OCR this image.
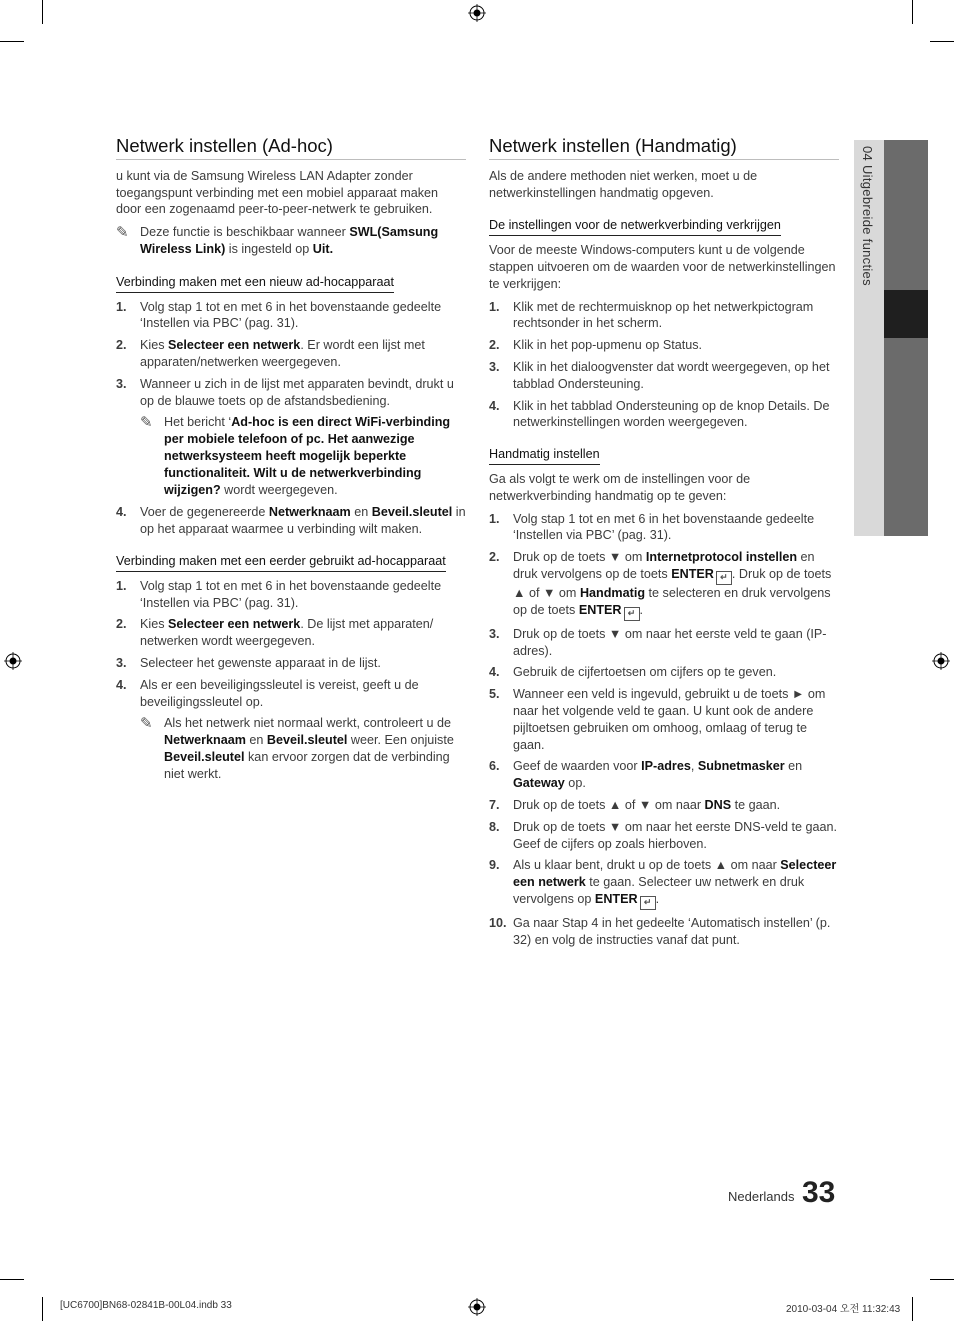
04 Uitgebreide functies
Netwerk instellen (Ad-hoc)

u kunt via de Samsung Wireless LAN Adapter zonder toegangspunt verbinding met een mobiel apparaat maken door een zogenaamd peer-to-peer-netwerk te gebruiken.

✎ Deze functie is beschikbaar wanneer SWL(Samsung Wireless Link) is ingesteld op Uit.
Verbinding maken met een nieuw ad-hocapparaat
1. Volg stap 1 tot en met 6 in het bovenstaande gedeelte ‘Instellen via PBC’ (pag. 31).
2. Kies Selecteer een netwerk. Er wordt een lijst met apparaten/netwerken weergegeven.
3. Wanneer u zich in de lijst met apparaten bevindt, drukt u op de blauwe toets op de afstandsbediening.
✎ Het bericht ‘Ad-hoc is een direct WiFi-verbinding per mobiele telefoon of pc. Het aanwezige netwerksysteem heeft mogelijk beperkte functionaliteit. Wilt u de netwerkverbinding wijzigen? wordt weergegeven.
4. Voer de gegenereerde Netwerknaam en Beveil.sleutel in op het apparaat waarmee u verbinding wilt maken.
Verbinding maken met een eerder gebruikt ad-hocapparaat
1. Volg stap 1 tot en met 6 in het bovenstaande gedeelte ‘Instellen via PBC’ (pag. 31).
2. Kies Selecteer een netwerk. De lijst met apparaten/ netwerken wordt weergegeven.
3. Selecteer het gewenste apparaat in de lijst.
4. Als er een beveiligingssleutel is vereist, geeft u de beveiligingssleutel op.
✎ Als het netwerk niet normaal werkt, controleert u de Netwerknaam en Beveil.sleutel weer. Een onjuiste Beveil.sleutel kan ervoor zorgen dat de verbinding niet werkt.
Netwerk instellen (Handmatig)

Als de andere methoden niet werken, moet u de netwerkinstellingen handmatig opgeven.

De instellingen voor de netwerkverbinding verkrijgen

Voor de meeste Windows-computers kunt u de volgende stappen uitvoeren om de waarden voor de netwerkinstellingen te verkrijgen:

1. Klik met de rechtermuisknop op het netwerkpictogram rechtsonder in het scherm.
2. Klik in het pop-upmenu op Status.
3. Klik in het dialoogvenster dat wordt weergegeven, op het tabblad Ondersteuning.
4. Klik in het tabblad Ondersteuning op de knop Details. De netwerkinstellingen worden weergegeven.
Handmatig instellen

Ga als volgt te werk om de instellingen voor de netwerkverbinding handmatig op te geven:

1. Volg stap 1 tot en met 6 in het bovenstaande gedeelte ‘Instellen via PBC’ (pag. 31).
2. Druk op de toets ▼ om Internetprotocol instellen en druk vervolgens op de toets ENTER ↵ . Druk op de toets ▲ of ▼ om Handmatig te selecteren en druk vervolgens op de toets ENTER ↵ .
3. Druk op de toets ▼ om naar het eerste veld te gaan (IP-adres).
4. Gebruik de cijfertoetsen om cijfers op te geven.
5. Wanneer een veld is ingevuld, gebruikt u de toets ► om naar het volgende veld te gaan. U kunt ook de andere pijltoetsen gebruiken om omhoog, omlaag of terug te gaan.
6. Geef de waarden voor IP-adres, Subnetmasker en Gateway op.
7. Druk op de toets ▲ of ▼ om naar DNS te gaan.
8. Druk op de toets ▼ om naar het eerste DNS-veld te gaan. Geef de cijfers op zoals hierboven.
9. Als u klaar bent, drukt u op de toets ▲ om naar Selecteer een netwerk te gaan. Selecteer uw netwerk en druk vervolgens op ENTER ↵ .
10. Ga naar Stap 4 in het gedeelte ‘Automatisch instellen’ (p. 32) en volg de instructies vanaf dat punt.
Nederlands 33
[UC6700]BN68-02841B-00L04.indb 33	2010-03-04 오전 11:32:43
